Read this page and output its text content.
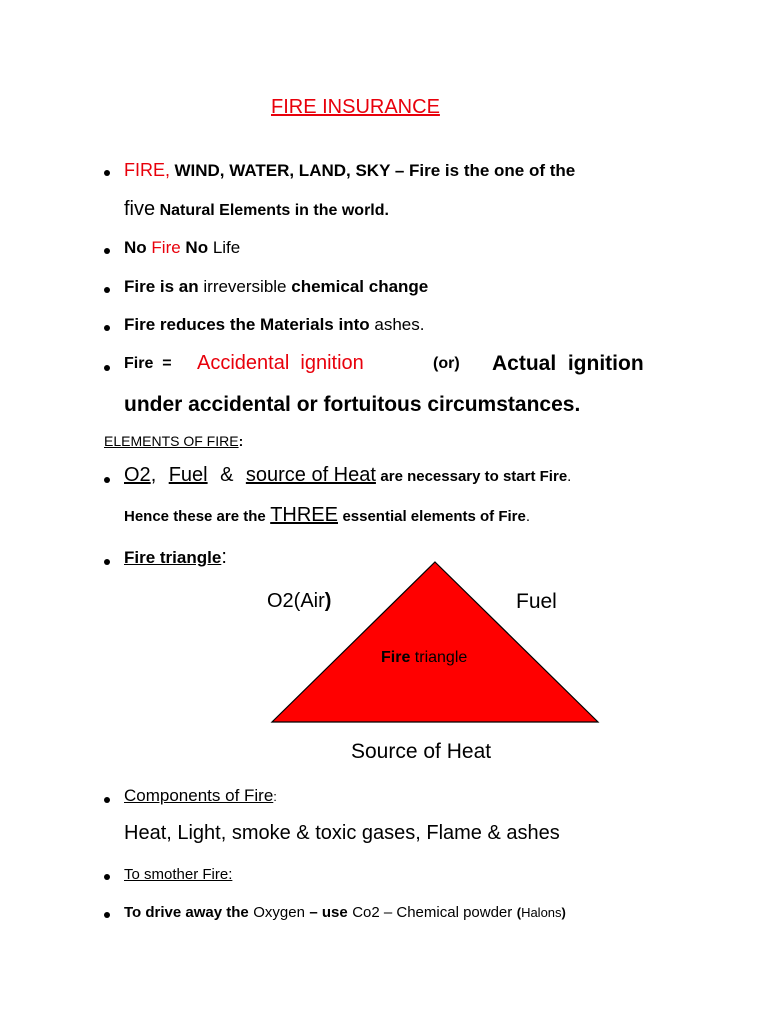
FIRE INSURANCE
FIRE, WIND, WATER, LAND, SKY – Fire is the one of the
five Natural Elements in the world.
No Fire No Life
Fire is an irreversible chemical change
Fire reduces the Materials into ashes.
Fire  = Accidental  ignition	(or) Actual  ignition
under accidental or fortuitous circumstances.
ELEMENTS OF FIRE:
O2, Fuel & source of Heat are necessary to start Fire.
Hence these are the THREE essential elements of Fire.
Fire triangle:
O2(Air)	Fuel
Fire triangle
Source of Heat
Components of Fire:
Heat, Light, smoke & toxic gases, Flame & ashes
To smother Fire:
To drive away the Oxygen – use Co2 – Chemical powder (Halons)
